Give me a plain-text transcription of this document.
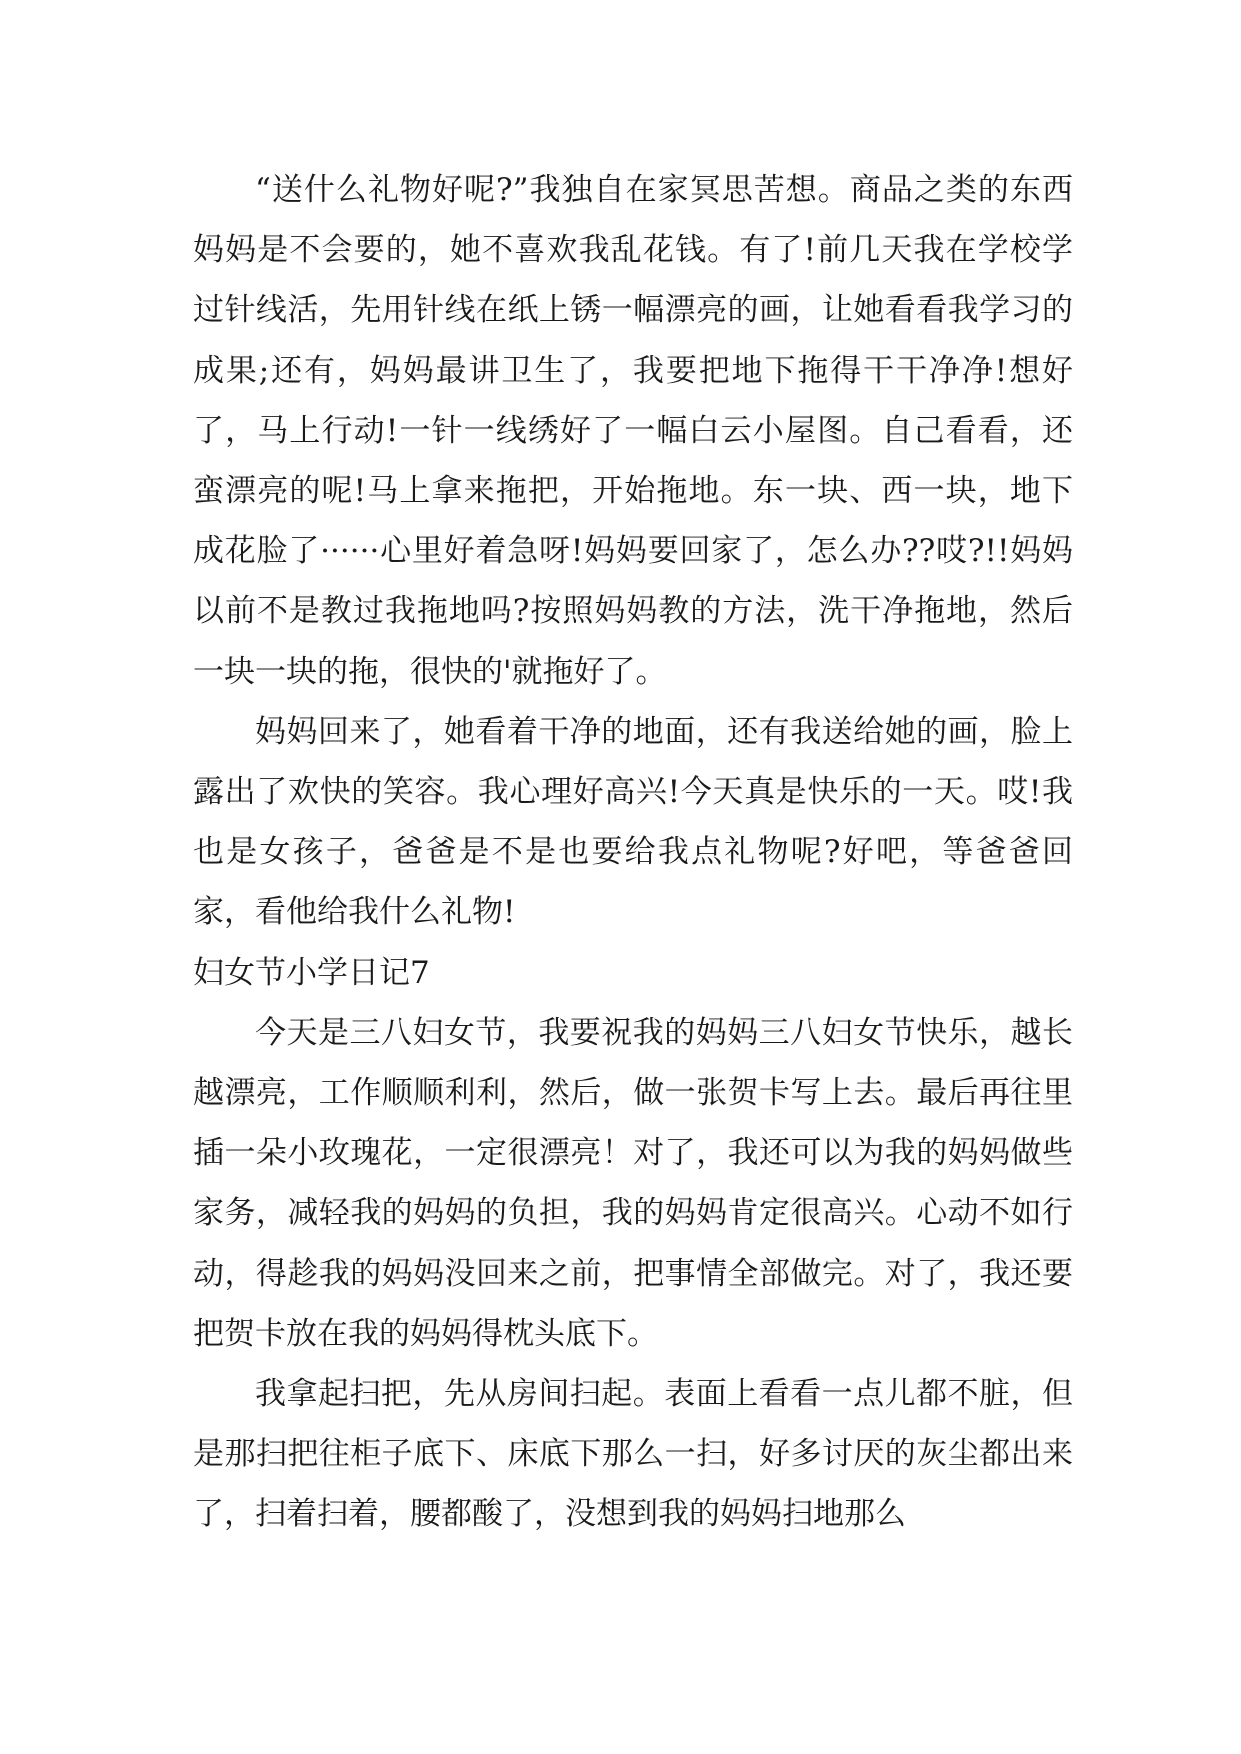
“送什么礼物好呢?”我独自在家冥思苦想。商品之类的东西妈妈是不会要的，她不喜欢我乱花钱。有了!前几天我在学校学过针线活，先用针线在纸上锈一幅漂亮的画，让她看看我学习的成果;还有，妈妈最讲卫生了，我要把地下拖得干干净净!想好了，马上行动!一针一线绣好了一幅白云小屋图。自己看看，还蛮漂亮的呢!马上拿来拖把，开始拖地。东一块、西一块，地下成花脸了······心里好着急呀!妈妈要回家了，怎么办??哎?!!妈妈以前不是教过我拖地吗?按照妈妈教的方法，洗干净拖地，然后一块一块的拖，很快的'就拖好了。

妈妈回来了，她看着干净的地面，还有我送给她的画，脸上露出了欢快的笑容。我心理好高兴!今天真是快乐的一天。哎!我也是女孩子，爸爸是不是也要给我点礼物呢?好吧，等爸爸回家，看他给我什么礼物!

妇女节小学日记7

今天是三八妇女节，我要祝我的妈妈三八妇女节快乐，越长越漂亮，工作顺顺利利，然后，做一张贺卡写上去。最后再往里插一朵小玫瑰花，一定很漂亮！对了，我还可以为我的妈妈做些家务，减轻我的妈妈的负担，我的妈妈肯定很高兴。心动不如行动，得趁我的妈妈没回来之前，把事情全部做完。对了，我还要把贺卡放在我的妈妈得枕头底下。

我拿起扫把，先从房间扫起。表面上看看一点儿都不脏，但是那扫把往柜子底下、床底下那么一扫，好多讨厌的灰尘都出来了，扫着扫着，腰都酸了，没想到我的妈妈扫地那么
